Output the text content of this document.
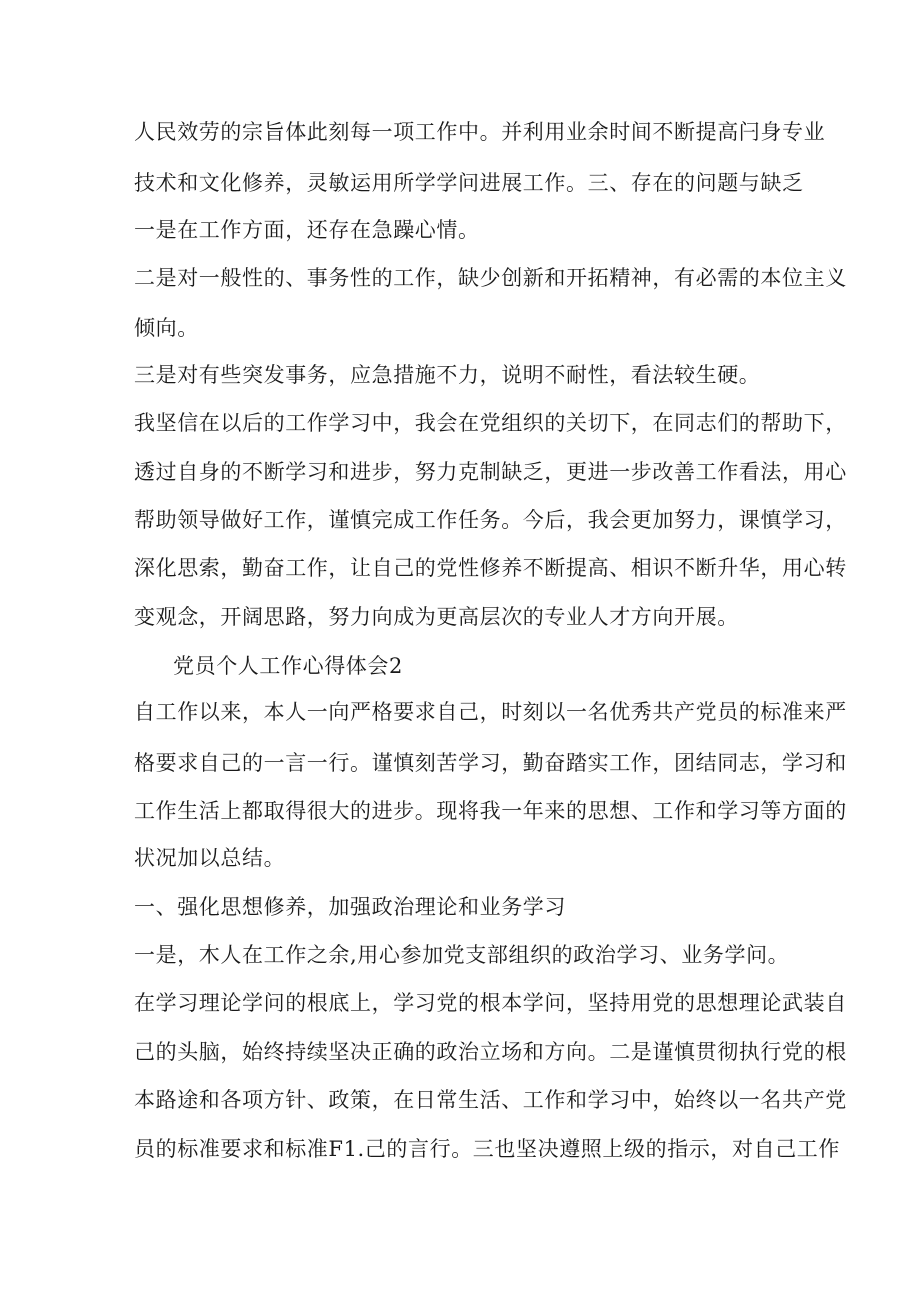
人民效劳的宗旨体此刻每一项工作中。并利用业余时间不断提高闩身专业
技术和文化修养，灵敏运用所学学问进展工作。三、存在的问题与缺乏
一是在工作方面，还存在急躁心情。
二是对一般性的、事务性的工作，缺少创新和开拓精神，有必需的本位主义
倾向。
三是对有些突发事务，应急措施不力，说明不耐性，看法较生硬。
我坚信在以后的工作学习中，我会在党组织的关切下，在同志们的帮助下，
透过自身的不断学习和进步，努力克制缺乏，更进一步改善工作看法，用心
帮助领导做好工作，谨慎完成工作任务。今后，我会更加努力，课慎学习，
深化思索，勤奋工作，让自己的党性修养不断提高、相识不断升华，用心转
变观念，开阔思路，努力向成为更高层次的专业人才方向开展。
党员个人工作心得体会2
自工作以来，本人一向严格要求自己，时刻以一名优秀共产党员的标准来严
格要求自己的一言一行。谨慎刻苦学习，勤奋踏实工作，团结同志，学习和
工作生活上都取得很大的进步。现将我一年来的思想、工作和学习等方面的
状况加以总结。
一、强化思想修养，加强政治理论和业务学习
一是，木人在工作之余,用心参加党支部组织的政治学习、业务学问。
在学习理论学问的根底上，学习党的根本学问，坚持用党的思想理论武装自
己的头脑，始终持续坚决正确的政治立场和方向。二是谨慎贯彻执行党的根
本路途和各项方针、政策，在日常生活、工作和学习中，始终以一名共产党
员的标准要求和标准F1.己的言行。三也坚决遵照上级的指示，对自己工作
